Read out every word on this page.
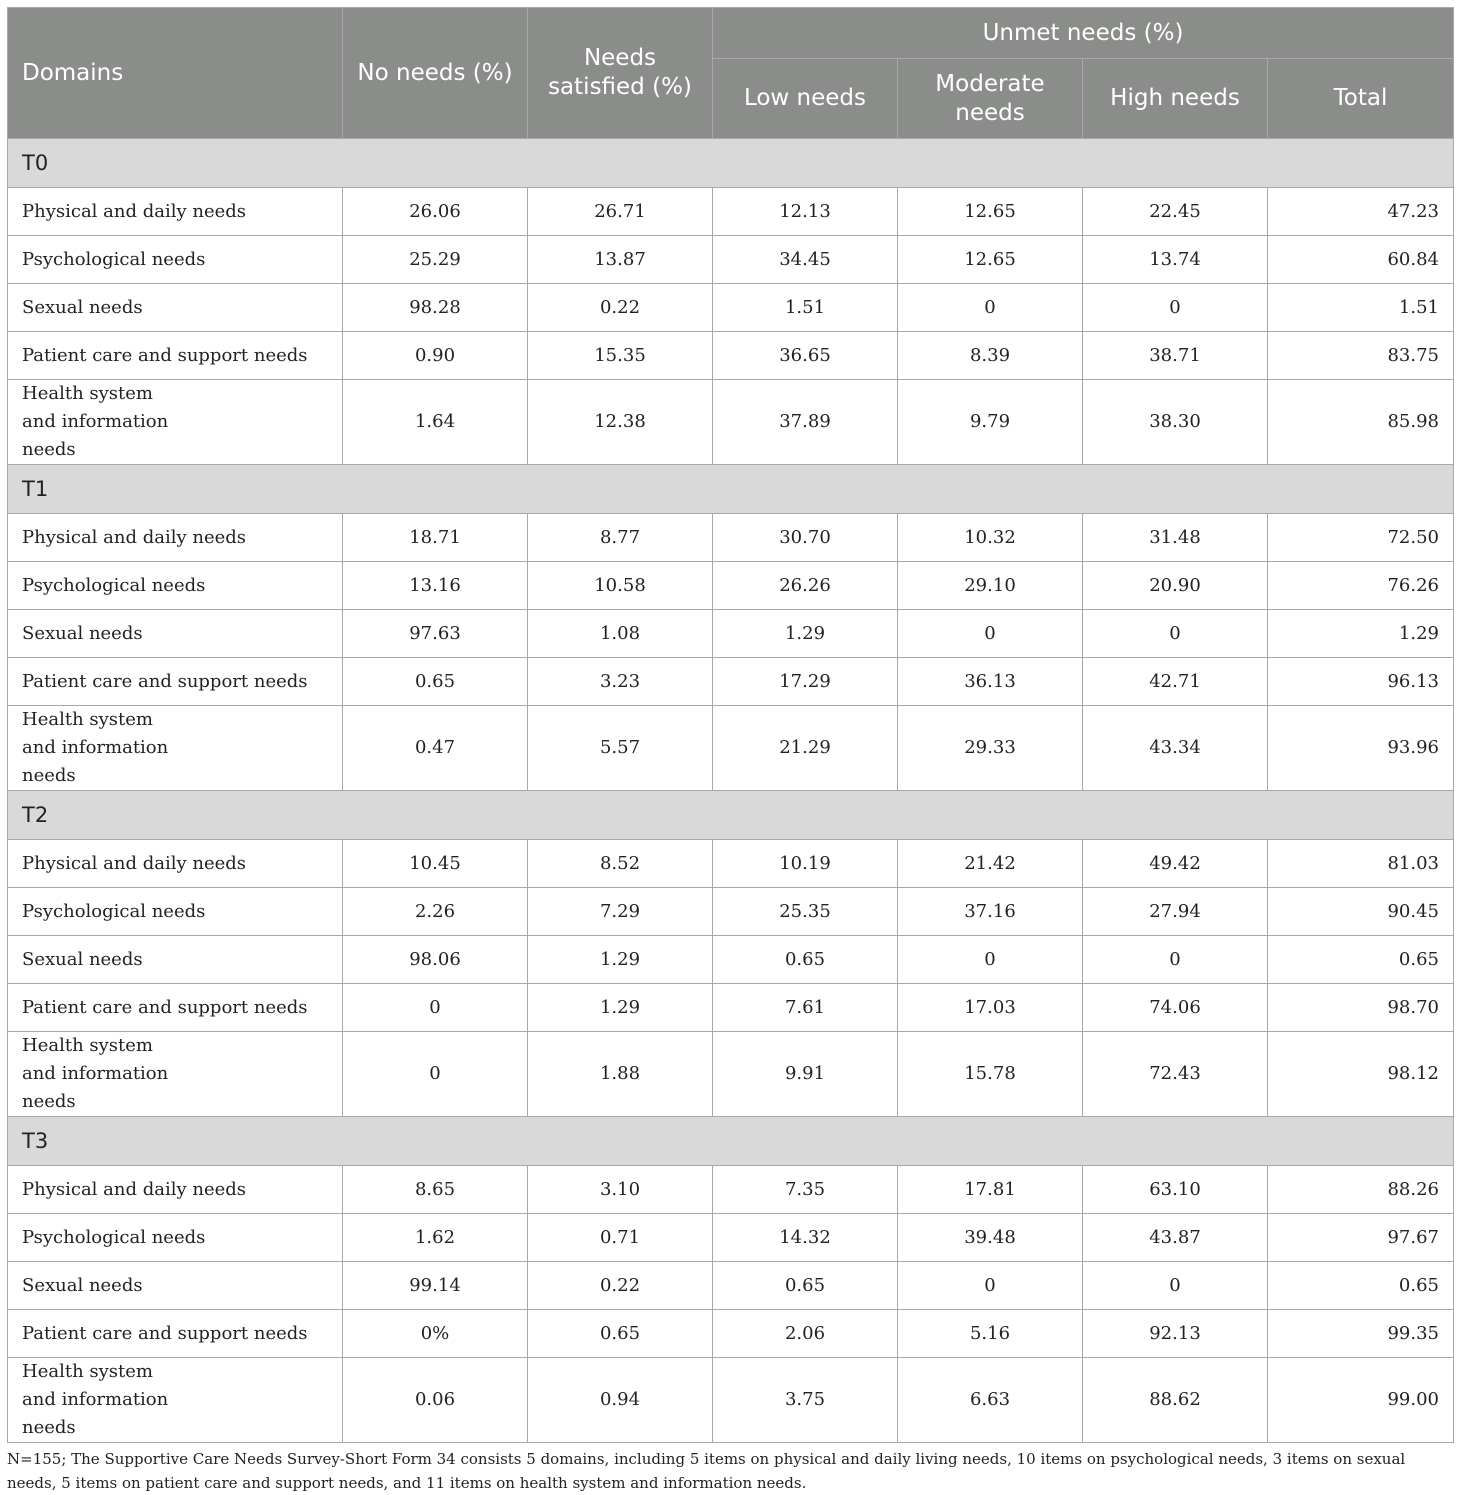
Domains	No needs (%)	Needs satisfied (%)	Unmet needs (%)			
			Low needs	Moderate needs	High needs	Total
T0						
Physical and daily needs	26.06	26.71	12.13	12.65	22.45	47.23
Psychological needs	25.29	13.87	34.45	12.65	13.74	60.84
Sexual needs	98.28	0.22	1.51	0	0	1.51
Patient care and support needs	0.90	15.35	36.65	8.39	38.71	83.75
Health system and information needs	1.64	12.38	37.89	9.79	38.30	85.98
T1						
Physical and daily needs	18.71	8.77	30.70	10.32	31.48	72.50
Psychological needs	13.16	10.58	26.26	29.10	20.90	76.26
Sexual needs	97.63	1.08	1.29	0	0	1.29
Patient care and support needs	0.65	3.23	17.29	36.13	42.71	96.13
Health system and information needs	0.47	5.57	21.29	29.33	43.34	93.96
T2						
Physical and daily needs	10.45	8.52	10.19	21.42	49.42	81.03
Psychological needs	2.26	7.29	25.35	37.16	27.94	90.45
Sexual needs	98.06	1.29	0.65	0	0	0.65
Patient care and support needs	0	1.29	7.61	17.03	74.06	98.70
Health system and information needs	0	1.88	9.91	15.78	72.43	98.12
T3						
Physical and daily needs	8.65	3.10	7.35	17.81	63.10	88.26
Psychological needs	1.62	0.71	14.32	39.48	43.87	97.67
Sexual needs	99.14	0.22	0.65	0	0	0.65
Patient care and support needs	0%	0.65	2.06	5.16	92.13	99.35
Health system and information needs	0.06	0.94	3.75	6.63	88.62	99.00
N=155; The Supportive Care Needs Survey-Short Form 34 consists 5 domains, including 5 items on physical and daily living needs, 10 items on psychological needs, 3 items on sexual needs, 5 items on patient care and support needs, and 11 items on health system and information needs.
